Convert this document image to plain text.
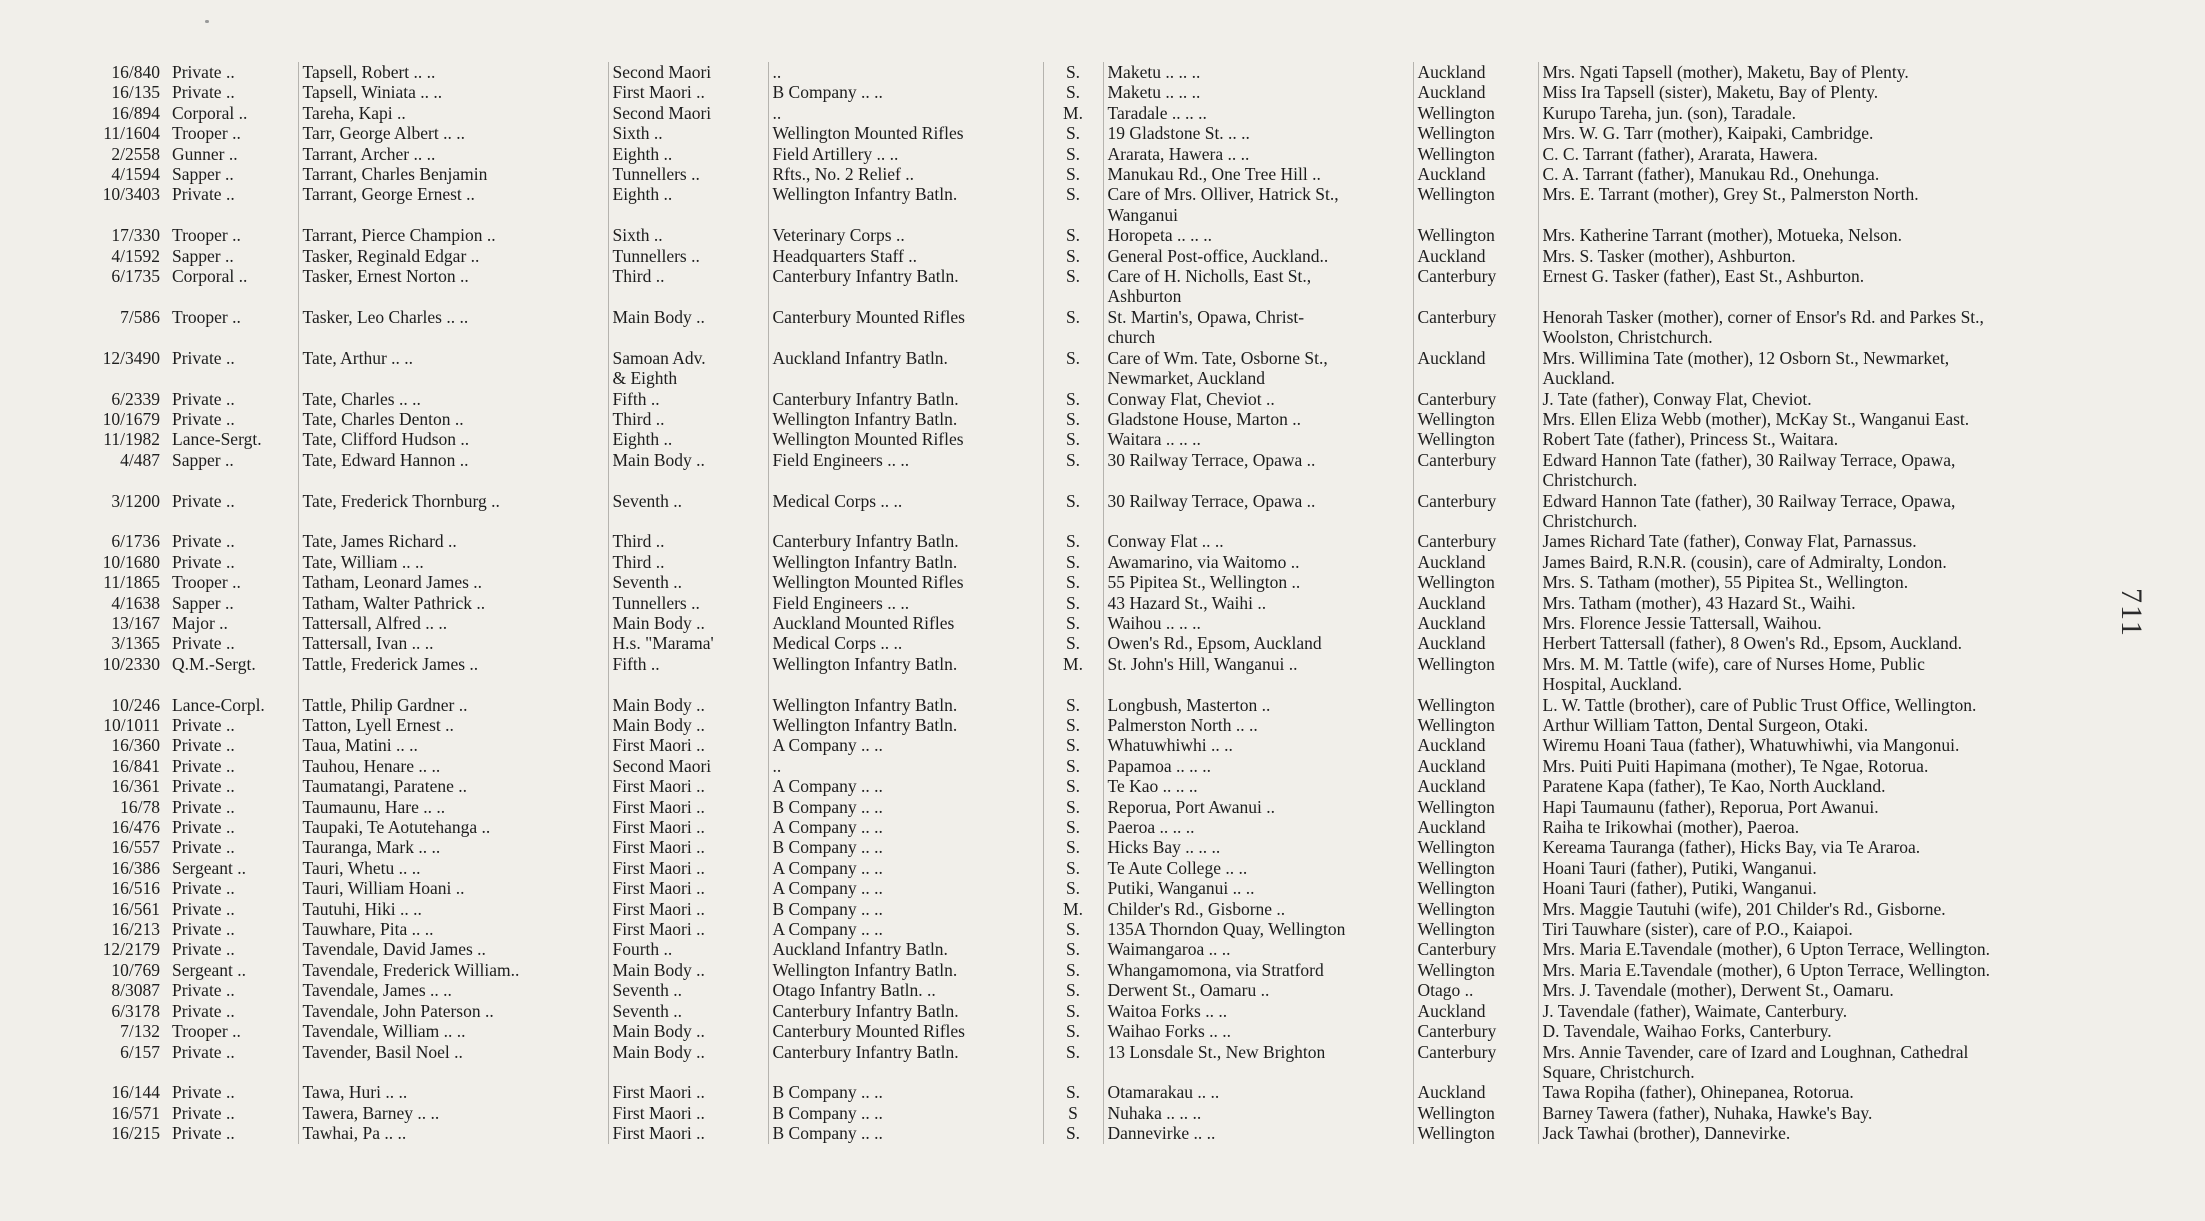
16/840	Private ..	Tapsell, Robert .. ..	Second Maori	..	S.	Maketu .. .. ..	Auckland	Mrs. Ngati Tapsell (mother), Maketu, Bay of Plenty.
16/135	Private ..	Tapsell, Winiata .. ..	First Maori ..	B Company .. ..	S.	Maketu .. .. ..	Auckland	Miss Ira Tapsell (sister), Maketu, Bay of Plenty.
16/894	Corporal ..	Tareha, Kapi ..	Second Maori	..	M.	Taradale .. .. ..	Wellington	Kurupo Tareha, jun. (son), Taradale.
11/1604	Trooper ..	Tarr, George Albert .. ..	Sixth ..	Wellington Mounted Rifles	S.	19 Gladstone St. .. ..	Wellington	Mrs. W. G. Tarr (mother), Kaipaki, Cambridge.
2/2558	Gunner ..	Tarrant, Archer .. ..	Eighth ..	Field Artillery .. ..	S.	Ararata, Hawera .. ..	Wellington	C. C. Tarrant (father), Ararata, Hawera.
4/1594	Sapper ..	Tarrant, Charles Benjamin	Tunnellers ..	Rfts., No. 2 Relief ..	S.	Manukau Rd., One Tree Hill ..	Auckland	C. A. Tarrant (father), Manukau Rd., Onehunga.
10/3403	Private ..	Tarrant, George Ernest ..	Eighth ..	Wellington Infantry Batln.	S.	Care of Mrs. Olliver, Hatrick St.,	Wellington	Mrs. E. Tarrant (mother), Grey St., Palmerston North.
						Wanganui		
17/330	Trooper ..	Tarrant, Pierce Champion ..	Sixth ..	Veterinary Corps ..	S.	Horopeta .. .. ..	Wellington	Mrs. Katherine Tarrant (mother), Motueka, Nelson.
4/1592	Sapper ..	Tasker, Reginald Edgar ..	Tunnellers ..	Headquarters Staff ..	S.	General Post-office, Auckland..	Auckland	Mrs. S. Tasker (mother), Ashburton.
6/1735	Corporal ..	Tasker, Ernest Norton ..	Third ..	Canterbury Infantry Batln.	S.	Care of H. Nicholls, East St.,	Canterbury	Ernest G. Tasker (father), East St., Ashburton.
						Ashburton		
7/586	Trooper ..	Tasker, Leo Charles .. ..	Main Body ..	Canterbury Mounted Rifles	S.	St. Martin's, Opawa, Christ-	Canterbury	Henorah Tasker (mother), corner of Ensor's Rd. and Parkes St.,
						church		Woolston, Christchurch.
12/3490	Private ..	Tate, Arthur .. ..	Samoan Adv.	Auckland Infantry Batln.	S.	Care of Wm. Tate, Osborne St.,	Auckland	Mrs. Willimina Tate (mother), 12 Osborn St., Newmarket,
			& Eighth			Newmarket, Auckland		Auckland.
6/2339	Private ..	Tate, Charles .. ..	Fifth ..	Canterbury Infantry Batln.	S.	Conway Flat, Cheviot ..	Canterbury	J. Tate (father), Conway Flat, Cheviot.
10/1679	Private ..	Tate, Charles Denton ..	Third ..	Wellington Infantry Batln.	S.	Gladstone House, Marton ..	Wellington	Mrs. Ellen Eliza Webb (mother), McKay St., Wanganui East.
11/1982	Lance-Sergt.	Tate, Clifford Hudson ..	Eighth ..	Wellington Mounted Rifles	S.	Waitara .. .. ..	Wellington	Robert Tate (father), Princess St., Waitara.
4/487	Sapper ..	Tate, Edward Hannon ..	Main Body ..	Field Engineers .. ..	S.	30 Railway Terrace, Opawa ..	Canterbury	Edward Hannon Tate (father), 30 Railway Terrace, Opawa,
								Christchurch.
3/1200	Private ..	Tate, Frederick Thornburg ..	Seventh ..	Medical Corps .. ..	S.	30 Railway Terrace, Opawa ..	Canterbury	Edward Hannon Tate (father), 30 Railway Terrace, Opawa,
								Christchurch.
6/1736	Private ..	Tate, James Richard ..	Third ..	Canterbury Infantry Batln.	S.	Conway Flat .. ..	Canterbury	James Richard Tate (father), Conway Flat, Parnassus.
10/1680	Private ..	Tate, William .. ..	Third ..	Wellington Infantry Batln.	S.	Awamarino, via Waitomo ..	Auckland	James Baird, R.N.R. (cousin), care of Admiralty, London.
11/1865	Trooper ..	Tatham, Leonard James ..	Seventh ..	Wellington Mounted Rifles	S.	55 Pipitea St., Wellington ..	Wellington	Mrs. S. Tatham (mother), 55 Pipitea St., Wellington.
4/1638	Sapper ..	Tatham, Walter Pathrick ..	Tunnellers ..	Field Engineers .. ..	S.	43 Hazard St., Waihi ..	Auckland	Mrs. Tatham (mother), 43 Hazard St., Waihi.
13/167	Major ..	Tattersall, Alfred .. ..	Main Body ..	Auckland Mounted Rifles	S.	Waihou .. .. ..	Auckland	Mrs. Florence Jessie Tattersall, Waihou.
3/1365	Private ..	Tattersall, Ivan .. ..	H.s. "Marama'	Medical Corps .. ..	S.	Owen's Rd., Epsom, Auckland	Auckland	Herbert Tattersall (father), 8 Owen's Rd., Epsom, Auckland.
10/2330	Q.M.-Sergt.	Tattle, Frederick James ..	Fifth ..	Wellington Infantry Batln.	M.	St. John's Hill, Wanganui ..	Wellington	Mrs. M. M. Tattle (wife), care of Nurses Home, Public
								Hospital, Auckland.
10/246	Lance-Corpl.	Tattle, Philip Gardner ..	Main Body ..	Wellington Infantry Batln.	S.	Longbush, Masterton ..	Wellington	L. W. Tattle (brother), care of Public Trust Office, Wellington.
10/1011	Private ..	Tatton, Lyell Ernest ..	Main Body ..	Wellington Infantry Batln.	S.	Palmerston North .. ..	Wellington	Arthur William Tatton, Dental Surgeon, Otaki.
16/360	Private ..	Taua, Matini .. ..	First Maori ..	A Company .. ..	S.	Whatuwhiwhi .. ..	Auckland	Wiremu Hoani Taua (father), Whatuwhiwhi, via Mangonui.
16/841	Private ..	Tauhou, Henare .. ..	Second Maori	..	S.	Papamoa .. .. ..	Auckland	Mrs. Puiti Puiti Hapimana (mother), Te Ngae, Rotorua.
16/361	Private ..	Taumatangi, Paratene ..	First Maori ..	A Company .. ..	S.	Te Kao .. .. ..	Auckland	Paratene Kapa (father), Te Kao, North Auckland.
16/78	Private ..	Taumaunu, Hare .. ..	First Maori ..	B Company .. ..	S.	Reporua, Port Awanui ..	Wellington	Hapi Taumaunu (father), Reporua, Port Awanui.
16/476	Private ..	Taupaki, Te Aotutehanga ..	First Maori ..	A Company .. ..	S.	Paeroa .. .. ..	Auckland	Raiha te Irikowhai (mother), Paeroa.
16/557	Private ..	Tauranga, Mark .. ..	First Maori ..	B Company .. ..	S.	Hicks Bay .. .. ..	Wellington	Kereama Tauranga (father), Hicks Bay, via Te Araroa.
16/386	Sergeant ..	Tauri, Whetu .. ..	First Maori ..	A Company .. ..	S.	Te Aute College .. ..	Wellington	Hoani Tauri (father), Putiki, Wanganui.
16/516	Private ..	Tauri, William Hoani ..	First Maori ..	A Company .. ..	S.	Putiki, Wanganui .. ..	Wellington	Hoani Tauri (father), Putiki, Wanganui.
16/561	Private ..	Tautuhi, Hiki .. ..	First Maori ..	B Company .. ..	M.	Childer's Rd., Gisborne ..	Wellington	Mrs. Maggie Tautuhi (wife), 201 Childer's Rd., Gisborne.
16/213	Private ..	Tauwhare, Pita .. ..	First Maori ..	A Company .. ..	S.	135A Thorndon Quay, Wellington	Wellington	Tiri Tauwhare (sister), care of P.O., Kaiapoi.
12/2179	Private ..	Tavendale, David James ..	Fourth ..	Auckland Infantry Batln.	S.	Waimangaroa .. ..	Canterbury	Mrs. Maria E.Tavendale (mother), 6 Upton Terrace, Wellington.
10/769	Sergeant ..	Tavendale, Frederick William..	Main Body ..	Wellington Infantry Batln.	S.	Whangamomona, via Stratford	Wellington	Mrs. Maria E.Tavendale (mother), 6 Upton Terrace, Wellington.
8/3087	Private ..	Tavendale, James .. ..	Seventh ..	Otago Infantry Batln. ..	S.	Derwent St., Oamaru ..	Otago ..	Mrs. J. Tavendale (mother), Derwent St., Oamaru.
6/3178	Private ..	Tavendale, John Paterson ..	Seventh ..	Canterbury Infantry Batln.	S.	Waitoa Forks .. ..	Auckland	J. Tavendale (father), Waimate, Canterbury.
7/132	Trooper ..	Tavendale, William .. ..	Main Body ..	Canterbury Mounted Rifles	S.	Waihao Forks .. ..	Canterbury	D. Tavendale, Waihao Forks, Canterbury.
6/157	Private ..	Tavender, Basil Noel ..	Main Body ..	Canterbury Infantry Batln.	S.	13 Lonsdale St., New Brighton	Canterbury	Mrs. Annie Tavender, care of Izard and Loughnan, Cathedral
								Square, Christchurch.
16/144	Private ..	Tawa, Huri .. ..	First Maori ..	B Company .. ..	S.	Otamarakau .. ..	Auckland	Tawa Ropiha (father), Ohinepanea, Rotorua.
16/571	Private ..	Tawera, Barney .. ..	First Maori ..	B Company .. ..	S	Nuhaka .. .. ..	Wellington	Barney Tawera (father), Nuhaka, Hawke's Bay.
16/215	Private ..	Tawhai, Pa .. ..	First Maori ..	B Company .. ..	S.	Dannevirke .. ..	Wellington	Jack Tawhai (brother), Dannevirke.
711
